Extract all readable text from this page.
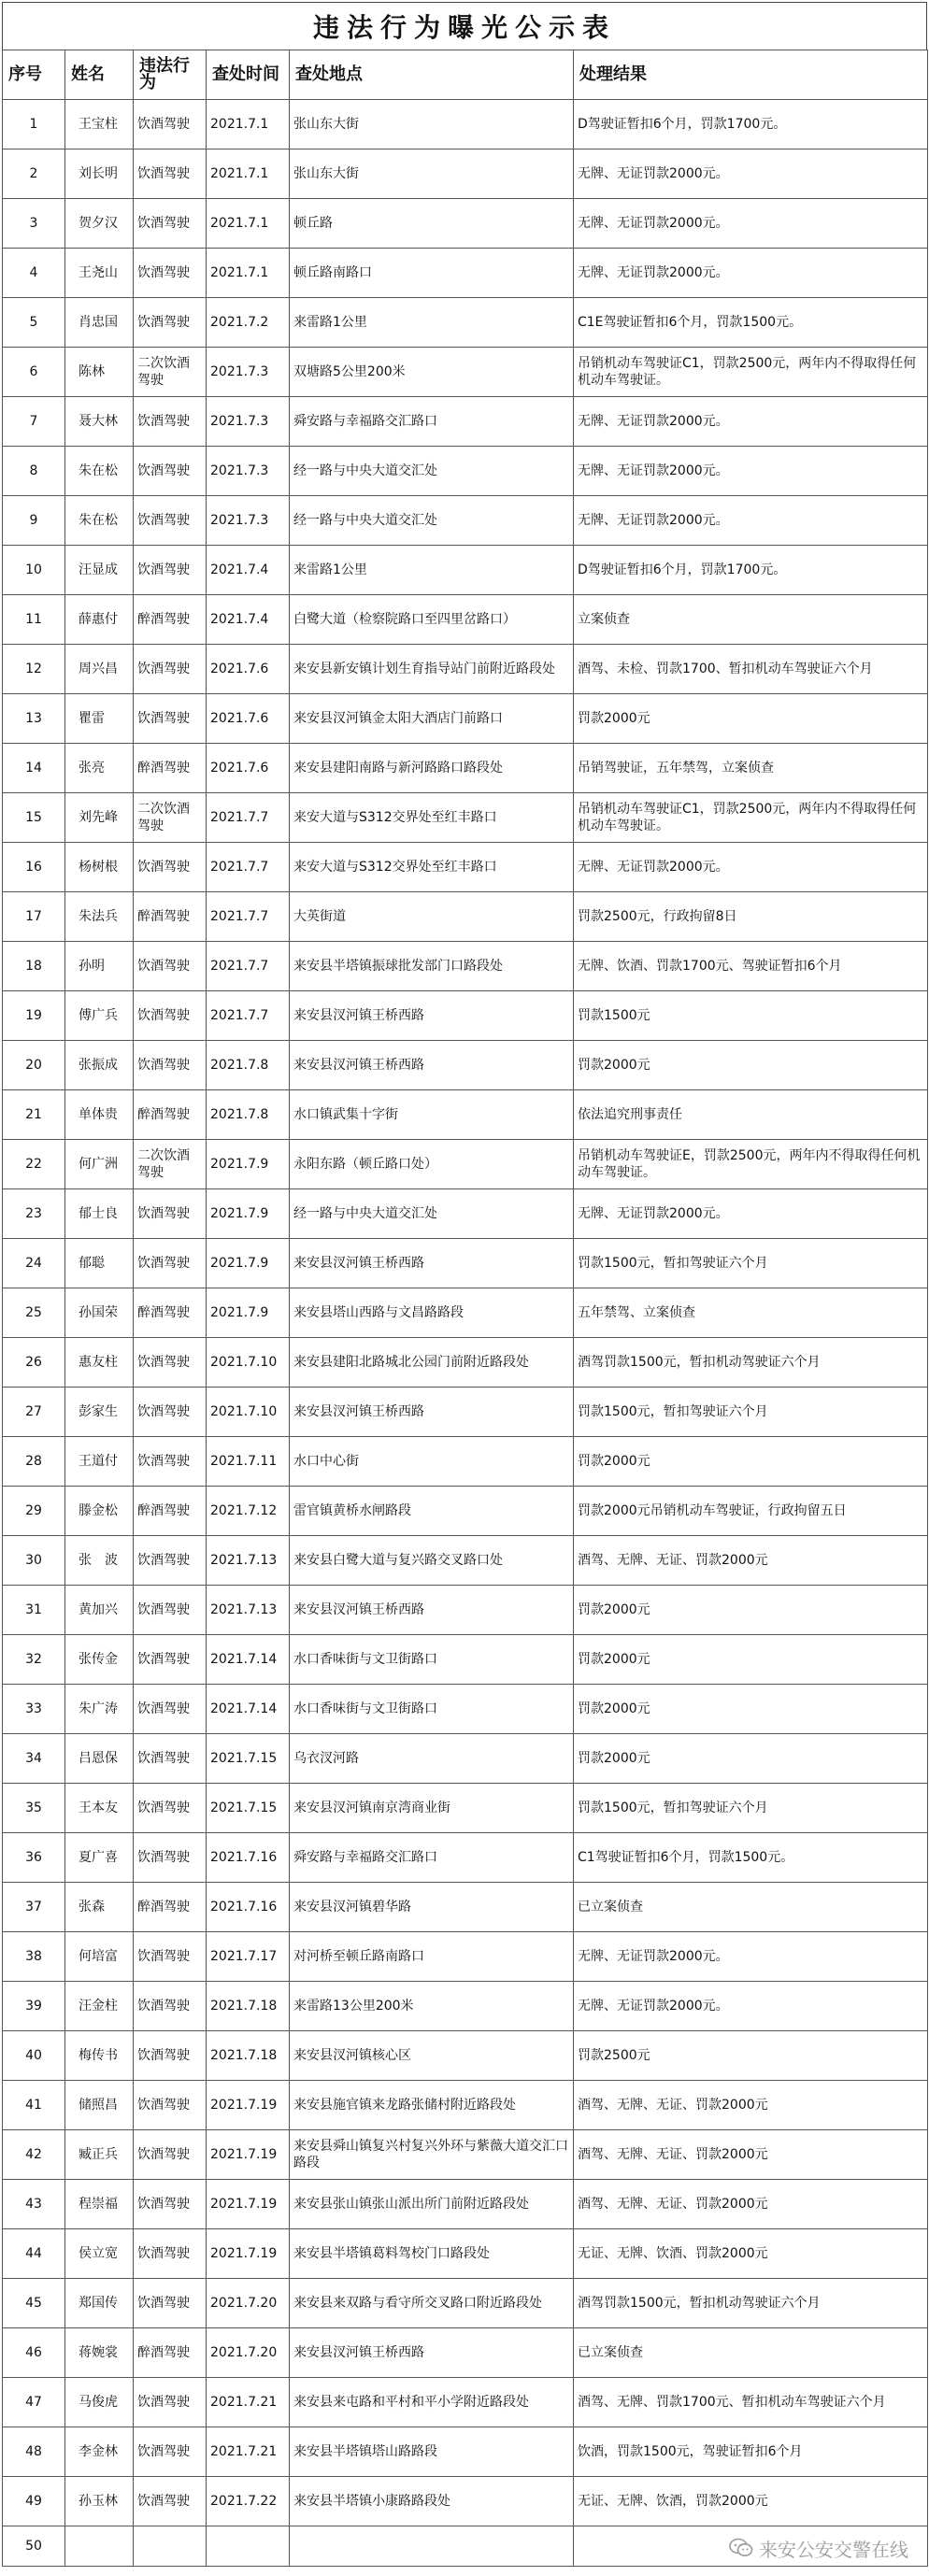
违法行为曝光公示表
序号	姓名	违法行为	查处时间	查处地点	处理结果
1	王宝柱	饮酒驾驶	2021.7.1	张山东大街	D驾驶证暂扣6个月，罚款1700元。
2	刘长明	饮酒驾驶	2021.7.1	张山东大街	无牌、无证罚款2000元。
3	贺夕汉	饮酒驾驶	2021.7.1	顿丘路	无牌、无证罚款2000元。
4	王尧山	饮酒驾驶	2021.7.1	顿丘路南路口	无牌、无证罚款2000元。
5	肖忠国	饮酒驾驶	2021.7.2	来雷路1公里	C1E驾驶证暂扣6个月，罚款1500元。
6	陈林	二次饮酒驾驶	2021.7.3	双塘路5公里200米	吊销机动车驾驶证C1，罚款2500元，两年内不得取得任何机动车驾驶证。
7	聂大林	饮酒驾驶	2021.7.3	舜安路与幸福路交汇路口	无牌、无证罚款2000元。
8	朱在松	饮酒驾驶	2021.7.3	经一路与中央大道交汇处	无牌、无证罚款2000元。
9	朱在松	饮酒驾驶	2021.7.3	经一路与中央大道交汇处	无牌、无证罚款2000元。
10	汪显成	饮酒驾驶	2021.7.4	来雷路1公里	D驾驶证暂扣6个月，罚款1700元。
11	薛惠付	醉酒驾驶	2021.7.4	白鹭大道（检察院路口至四里岔路口）	立案侦查
12	周兴昌	饮酒驾驶	2021.7.6	来安县新安镇计划生育指导站门前附近路段处	酒驾、未检、罚款1700、暂扣机动车驾驶证六个月
13	瞿雷	饮酒驾驶	2021.7.6	来安县汊河镇金太阳大酒店门前路口	罚款2000元
14	张亮	醉酒驾驶	2021.7.6	来安县建阳南路与新河路路口路段处	吊销驾驶证，五年禁驾，立案侦查
15	刘先峰	二次饮酒驾驶	2021.7.7	来安大道与S312交界处至红丰路口	吊销机动车驾驶证C1，罚款2500元，两年内不得取得任何机动车驾驶证。
16	杨树根	饮酒驾驶	2021.7.7	来安大道与S312交界处至红丰路口	无牌、无证罚款2000元。
17	朱法兵	醉酒驾驶	2021.7.7	大英街道	罚款2500元，行政拘留8日
18	孙明	饮酒驾驶	2021.7.7	来安县半塔镇振球批发部门口路段处	无牌、饮酒、罚款1700元、驾驶证暂扣6个月
19	傅广兵	饮酒驾驶	2021.7.7	来安县汊河镇王桥西路	罚款1500元
20	张振成	饮酒驾驶	2021.7.8	来安县汊河镇王桥西路	罚款2000元
21	单体贵	醉酒驾驶	2021.7.8	水口镇武集十字街	依法追究刑事责任
22	何广洲	二次饮酒驾驶	2021.7.9	永阳东路（顿丘路口处）	吊销机动车驾驶证E，罚款2500元，两年内不得取得任何机动车驾驶证。
23	郁士良	饮酒驾驶	2021.7.9	经一路与中央大道交汇处	无牌、无证罚款2000元。
24	郁聪	饮酒驾驶	2021.7.9	来安县汊河镇王桥西路	罚款1500元，暂扣驾驶证六个月
25	孙国荣	醉酒驾驶	2021.7.9	来安县塔山西路与文昌路路段	五年禁驾、立案侦查
26	惠友柱	饮酒驾驶	2021.7.10	来安县建阳北路城北公园门前附近路段处	酒驾罚款1500元，暂扣机动驾驶证六个月
27	彭家生	饮酒驾驶	2021.7.10	来安县汊河镇王桥西路	罚款1500元，暂扣驾驶证六个月
28	王道付	饮酒驾驶	2021.7.11	水口中心街	罚款2000元
29	滕金松	醉酒驾驶	2021.7.12	雷官镇黄桥水闸路段	罚款2000元吊销机动车驾驶证，行政拘留五日
30	张　波	饮酒驾驶	2021.7.13	来安县白鹭大道与复兴路交叉路口处	酒驾、无牌、无证、罚款2000元
31	黄加兴	饮酒驾驶	2021.7.13	来安县汊河镇王桥西路	罚款2000元
32	张传金	饮酒驾驶	2021.7.14	水口香味街与文卫街路口	罚款2000元
33	朱广涛	饮酒驾驶	2021.7.14	水口香味街与文卫街路口	罚款2000元
34	吕恩保	饮酒驾驶	2021.7.15	乌衣汊河路	罚款2000元
35	王本友	饮酒驾驶	2021.7.15	来安县汊河镇南京湾商业街	罚款1500元，暂扣驾驶证六个月
36	夏广喜	饮酒驾驶	2021.7.16	舜安路与幸福路交汇路口	C1驾驶证暂扣6个月，罚款1500元。
37	张森	醉酒驾驶	2021.7.16	来安县汊河镇碧华路	已立案侦查
38	何培富	饮酒驾驶	2021.7.17	对河桥至顿丘路南路口	无牌、无证罚款2000元。
39	汪金柱	饮酒驾驶	2021.7.18	来雷路13公里200米	无牌、无证罚款2000元。
40	梅传书	饮酒驾驶	2021.7.18	来安县汊河镇核心区	罚款2500元
41	储照昌	饮酒驾驶	2021.7.19	来安县施官镇来龙路张储村附近路段处	酒驾、无牌、无证、罚款2000元
42	臧正兵	饮酒驾驶	2021.7.19	来安县舜山镇复兴村复兴外环与紫薇大道交汇口路段	酒驾、无牌、无证、罚款2000元
43	程崇福	饮酒驾驶	2021.7.19	来安县张山镇张山派出所门前附近路段处	酒驾、无牌、无证、罚款2000元
44	侯立宽	饮酒驾驶	2021.7.19	来安县半塔镇葛料驾校门口路段处	无证、无牌、饮酒、罚款2000元
45	郑国传	饮酒驾驶	2021.7.20	来安县来双路与看守所交叉路口附近路段处	酒驾罚款1500元，暂扣机动驾驶证六个月
46	蒋婉裳	醉酒驾驶	2021.7.20	来安县汊河镇王桥西路	已立案侦查
47	马俊虎	饮酒驾驶	2021.7.21	来安县来屯路和平村和平小学附近路段处	酒驾、无牌、罚款1700元、暂扣机动车驾驶证六个月
48	李金林	饮酒驾驶	2021.7.21	来安县半塔镇塔山路路段	饮酒，罚款1500元，驾驶证暂扣6个月
49	孙玉林	饮酒驾驶	2021.7.22	来安县半塔镇小康路路段处	无证、无牌、饮酒，罚款2000元
50						来安公安交警在线
